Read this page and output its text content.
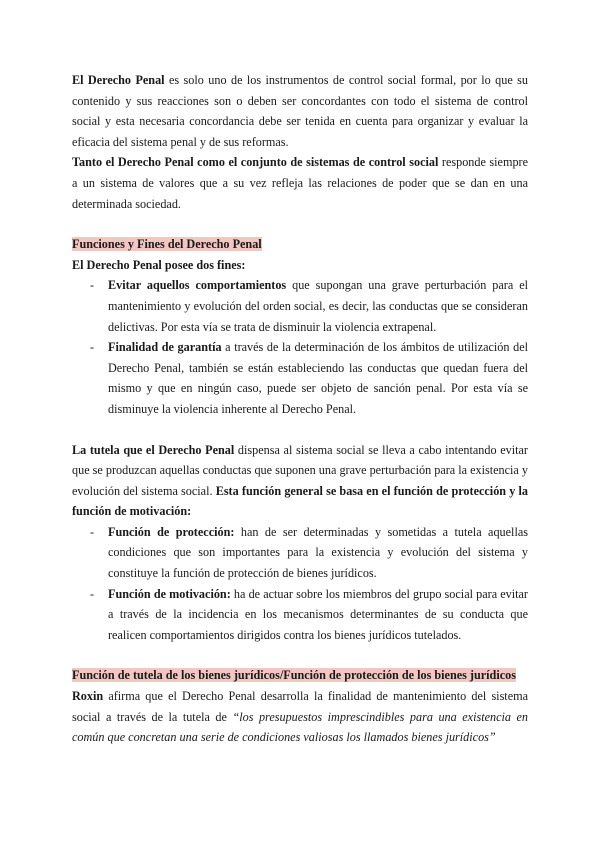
El Derecho Penal es solo uno de los instrumentos de control social formal, por lo que su contenido y sus reacciones son o deben ser concordantes con todo el sistema de control social y esta necesaria concordancia debe ser tenida en cuenta para organizar y evaluar la eficacia del sistema penal y de sus reformas.

Tanto el Derecho Penal como el conjunto de sistemas de control social responde siempre a un sistema de valores que a su vez refleja las relaciones de poder que se dan en una determinada sociedad.

Funciones y Fines del Derecho Penal

El Derecho Penal posee dos fines:

- Evitar aquellos comportamientos que supongan una grave perturbación para el mantenimiento y evolución del orden social, es decir, las conductas que se consideran delictivas. Por esta vía se trata de disminuir la violencia extrapenal.
- Finalidad de garantía a través de la determinación de los ámbitos de utilización del Derecho Penal, también se están estableciendo las conductas que quedan fuera del mismo y que en ningún caso, puede ser objeto de sanción penal. Por esta vía se disminuye la violencia inherente al Derecho Penal.

La tutela que el Derecho Penal dispensa al sistema social se lleva a cabo intentando evitar que se produzcan aquellas conductas que suponen una grave perturbación para la existencia y evolución del sistema social. Esta función general se basa en el función de protección y la función de motivación:

- Función de protección: han de ser determinadas y sometidas a tutela aquellas condiciones que son importantes para la existencia y evolución del sistema y constituye la función de protección de bienes jurídicos.
- Función de motivación: ha de actuar sobre los miembros del grupo social para evitar a través de la incidencia en los mecanismos determinantes de su conducta que realicen comportamientos dirigidos contra los bienes jurídicos tutelados.

Función de tutela de los bienes jurídicos/Función de protección de los bienes jurídicos

Roxin afirma que el Derecho Penal desarrolla la finalidad de mantenimiento del sistema social a través de la tutela de “los presupuestos imprescindibles para una existencia en común que concretan una serie de condiciones valiosas los llamados bienes jurídicos”
